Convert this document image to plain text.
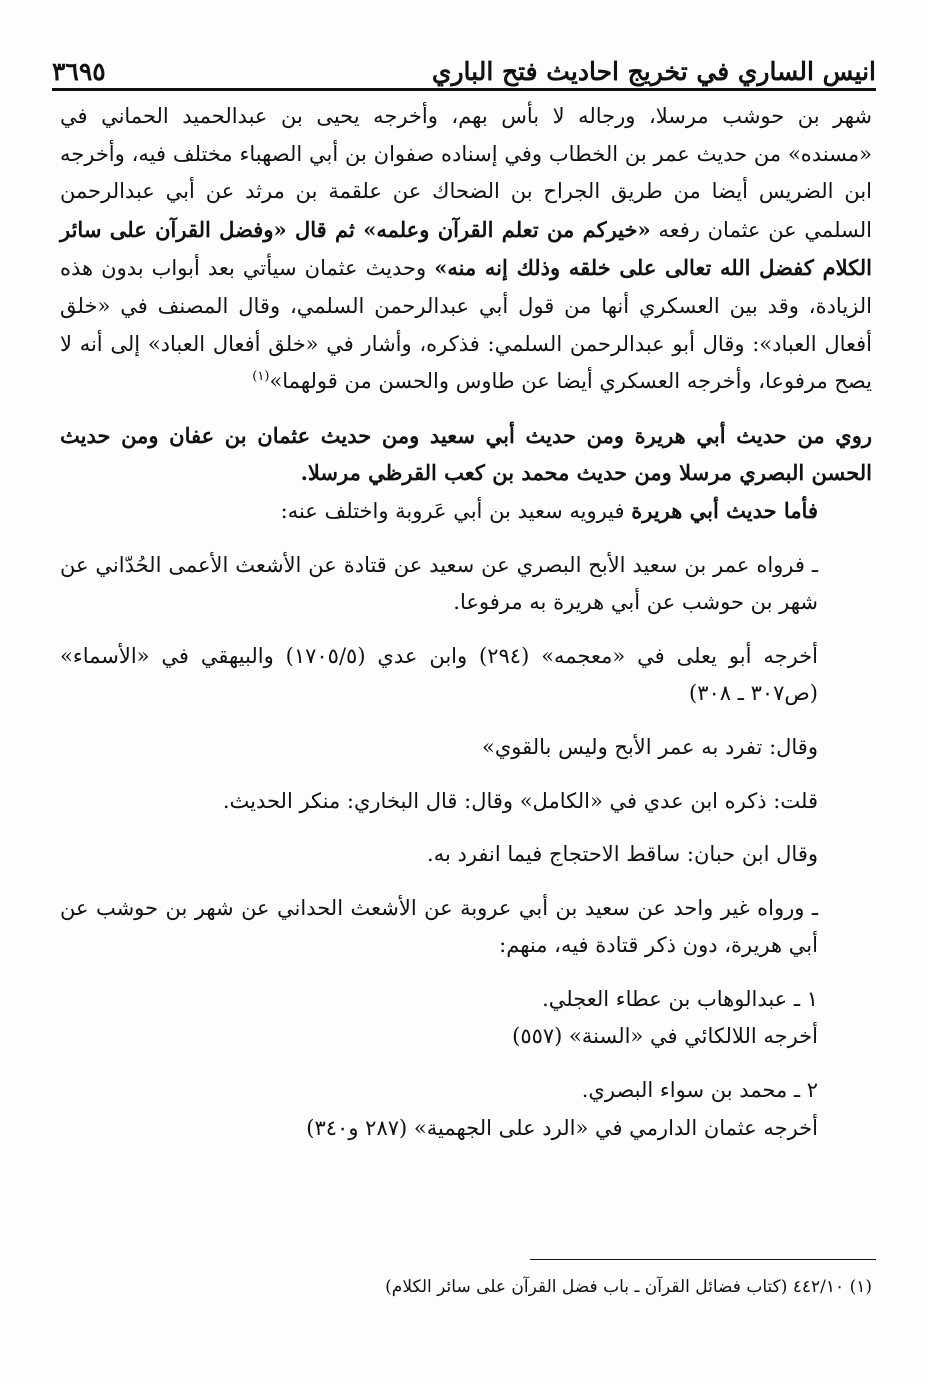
انيس الساري في تخريج احاديث فتح الباري
٣٦٩٥

شهر بن حوشب مرسلا، ورجاله لا بأس بهم، وأخرجه يحيى بن عبدالحميد الحماني في «مسنده» من حديث عمر بن الخطاب وفي إسناده صفوان بن أبي الصهباء مختلف فيه، وأخرجه ابن الضريس أيضا من طريق الجراح بن الضحاك عن علقمة بن مرثد عن أبي عبدالرحمن السلمي عن عثمان رفعه «خيركم من تعلم القرآن وعلمه» ثم قال «وفضل القرآن على سائر الكلام كفضل الله تعالى على خلقه وذلك إنه منه» وحديث عثمان سيأتي بعد أبواب بدون هذه الزيادة، وقد بين العسكري أنها من قول أبي عبدالرحمن السلمي، وقال المصنف في «خلق أفعال العباد»: وقال أبو عبدالرحمن السلمي: فذكره، وأشار في «خلق أفعال العباد» إلى أنه لا يصح مرفوعا، وأخرجه العسكري أيضا عن طاوس والحسن من قولهما»$^{(١)}$

روي من حديث أبي هريرة ومن حديث أبي سعيد ومن حديث عثمان بن عفان ومن حديث الحسن البصري مرسلا ومن حديث محمد بن كعب القرظي مرسلا.

فأما حديث أبي هريرة فيرويه سعيد بن أبي عَروبة واختلف عنه:

ـ فرواه عمر بن سعيد الأبح البصري عن سعيد عن قتادة عن الأشعث الأعمى الحُدّاني عن شهر بن حوشب عن أبي هريرة به مرفوعا.

أخرجه أبو يعلى في «معجمه» (٢٩٤) وابن عدي (١٧٠٥/٥) والبيهقي في «الأسماء» (ص٣٠٧ ـ ٣٠٨)

وقال: تفرد به عمر الأبح وليس بالقوي»

قلت: ذكره ابن عدي في «الكامل» وقال: قال البخاري: منكر الحديث.

وقال ابن حبان: ساقط الاحتجاج فيما انفرد به.

ـ ورواه غير واحد عن سعيد بن أبي عروبة عن الأشعث الحداني عن شهر بن حوشب عن أبي هريرة، دون ذكر قتادة فيه، منهم:

١ ـ عبدالوهاب بن عطاء العجلي.

أخرجه اللالكائي في «السنة» (٥٥٧)

٢ ـ محمد بن سواء البصري.

أخرجه عثمان الدارمي في «الرد على الجهمية» (٢٨٧ و٣٤٠)

(١) ٤٤٢/١٠ (كتاب فضائل القرآن ـ باب فضل القرآن على سائر الكلام)
